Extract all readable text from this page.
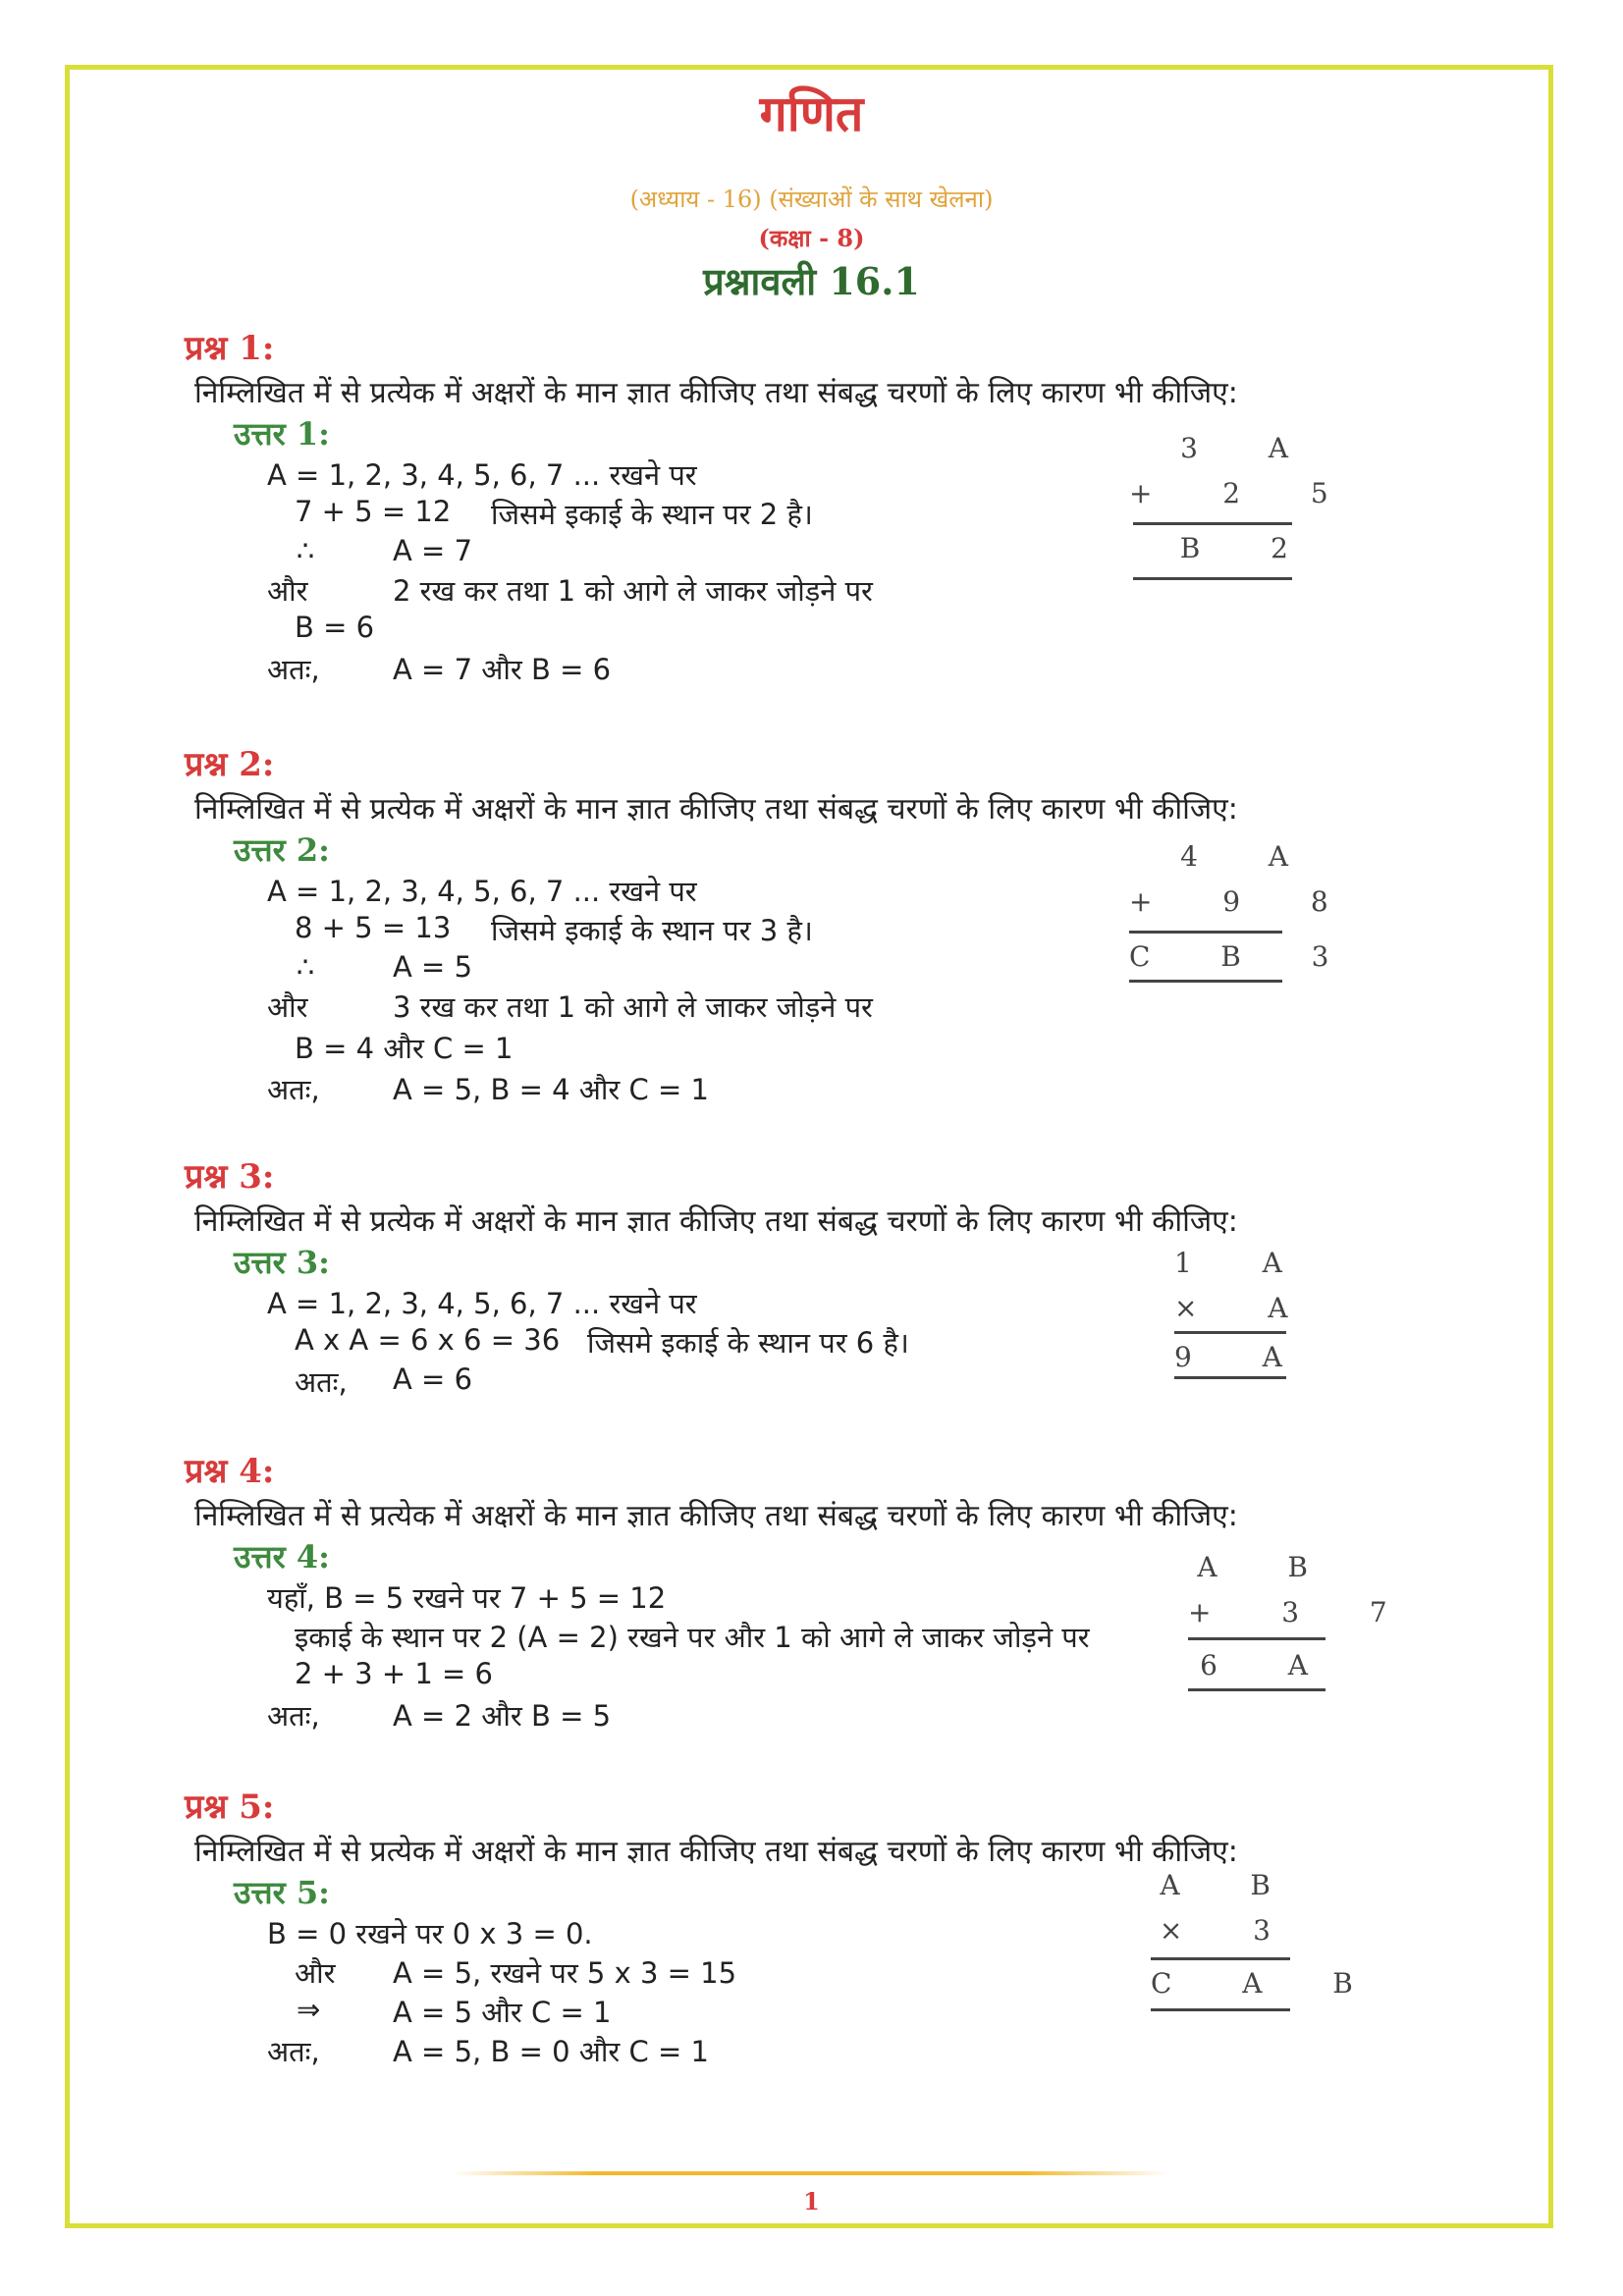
गणित
(अध्याय - 16) (संख्याओं के साथ खेलना)
(कक्षा - 8)
प्रश्नावली 16.1
प्रश्न 1:
निम्लिखित में से प्रत्येक में अक्षरों के मान ज्ञात कीजिए तथा संबद्ध चरणों के लिए कारण भी कीजिए:
उत्तर 1:
A = 1, 2, 3, 4, 5, 6, 7 ... रखने पर
7 + 5 = 12 जिसमे इकाई के स्थान पर 2 है।
∴	A = 7
और	2 रख कर तथा 1 को आगे ले जाकर जोड़ने पर
B = 6
अतः,	A = 7 और B = 6
3  A
+  2  5
B  2
प्रश्न 2:
निम्लिखित में से प्रत्येक में अक्षरों के मान ज्ञात कीजिए तथा संबद्ध चरणों के लिए कारण भी कीजिए:
उत्तर 2:
A = 1, 2, 3, 4, 5, 6, 7 ... रखने पर
8 + 5 = 13 जिसमे इकाई के स्थान पर 3 है।
∴	A = 5
और	3 रख कर तथा 1 को आगे ले जाकर जोड़ने पर
B = 4 और C = 1
अतः,	A = 5, B = 4 और C = 1
4  A
+  9  8
C  B  3
प्रश्न 3:
निम्लिखित में से प्रत्येक में अक्षरों के मान ज्ञात कीजिए तथा संबद्ध चरणों के लिए कारण भी कीजिए:
उत्तर 3:
A = 1, 2, 3, 4, 5, 6, 7 ... रखने पर
A x A = 6 x 6 = 36 जिसमे इकाई के स्थान पर 6 है।
अतः, A = 6
1  A
×  A
9  A
प्रश्न 4:
निम्लिखित में से प्रत्येक में अक्षरों के मान ज्ञात कीजिए तथा संबद्ध चरणों के लिए कारण भी कीजिए:
उत्तर 4:
यहाँ, B = 5 रखने पर 7 + 5 = 12
इकाई के स्थान पर 2 (A = 2) रखने पर और 1 को आगे ले जाकर जोड़ने पर
2 + 3 + 1 = 6
अतः,	A = 2 और B = 5
A  B
+  3  7
6  A
प्रश्न 5:
निम्लिखित में से प्रत्येक में अक्षरों के मान ज्ञात कीजिए तथा संबद्ध चरणों के लिए कारण भी कीजिए:
उत्तर 5:
B = 0 रखने पर 0 x 3 = 0.
और A = 5, रखने पर 5 x 3 = 15
⇒	A = 5 और C = 1
अतः,	A = 5, B = 0 और C = 1
A  B
×  3
C  A  B
1
